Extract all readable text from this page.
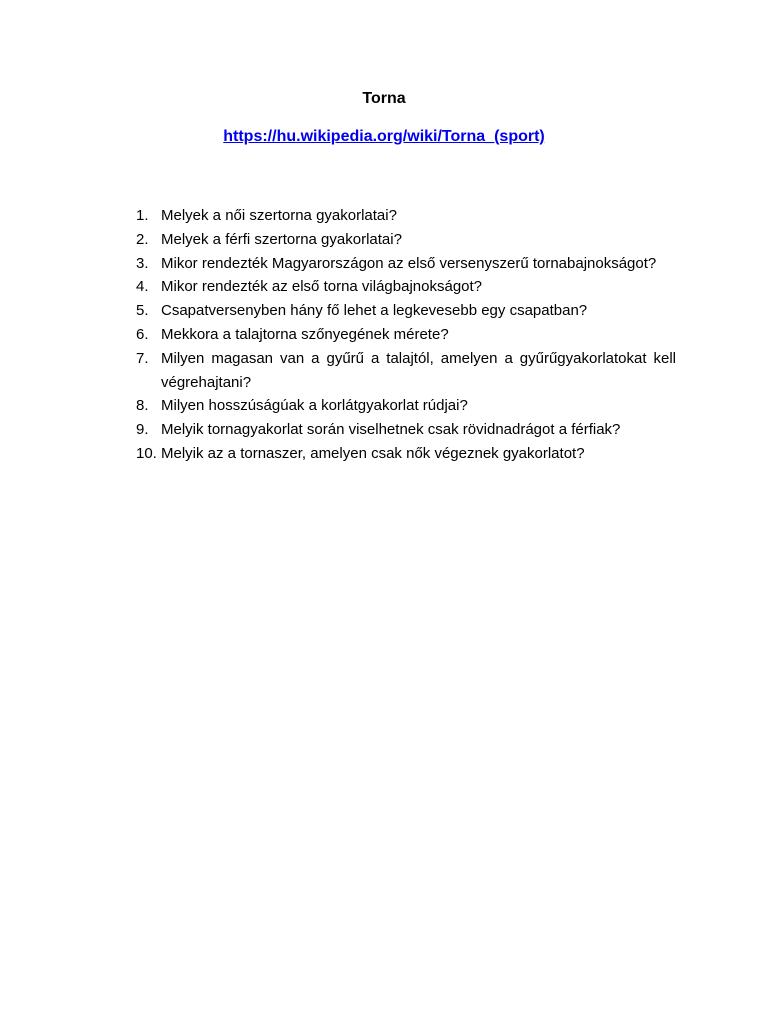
Torna
https://hu.wikipedia.org/wiki/Torna_(sport)
1. Melyek a női szertorna gyakorlatai?
2. Melyek a férfi szertorna gyakorlatai?
3. Mikor rendezték Magyarországon az első versenyszerű tornabajnokságot?
4. Mikor rendezték az első torna világbajnokságot?
5. Csapatversenyben hány fő lehet a legkevesebb egy csapatban?
6. Mekkora a talajtorna szőnyegének mérete?
7. Milyen magasan van a gyűrű a talajtól, amelyen a gyűrűgyakorlatokat kell végrehajtani?
8. Milyen hosszúságúak a korlátgyakorlat rúdjai?
9. Melyik tornagyakorlat során viselhetnek csak rövidnadrágot a férfiak?
10. Melyik az a tornaszer, amelyen csak nők végeznek gyakorlatot?
